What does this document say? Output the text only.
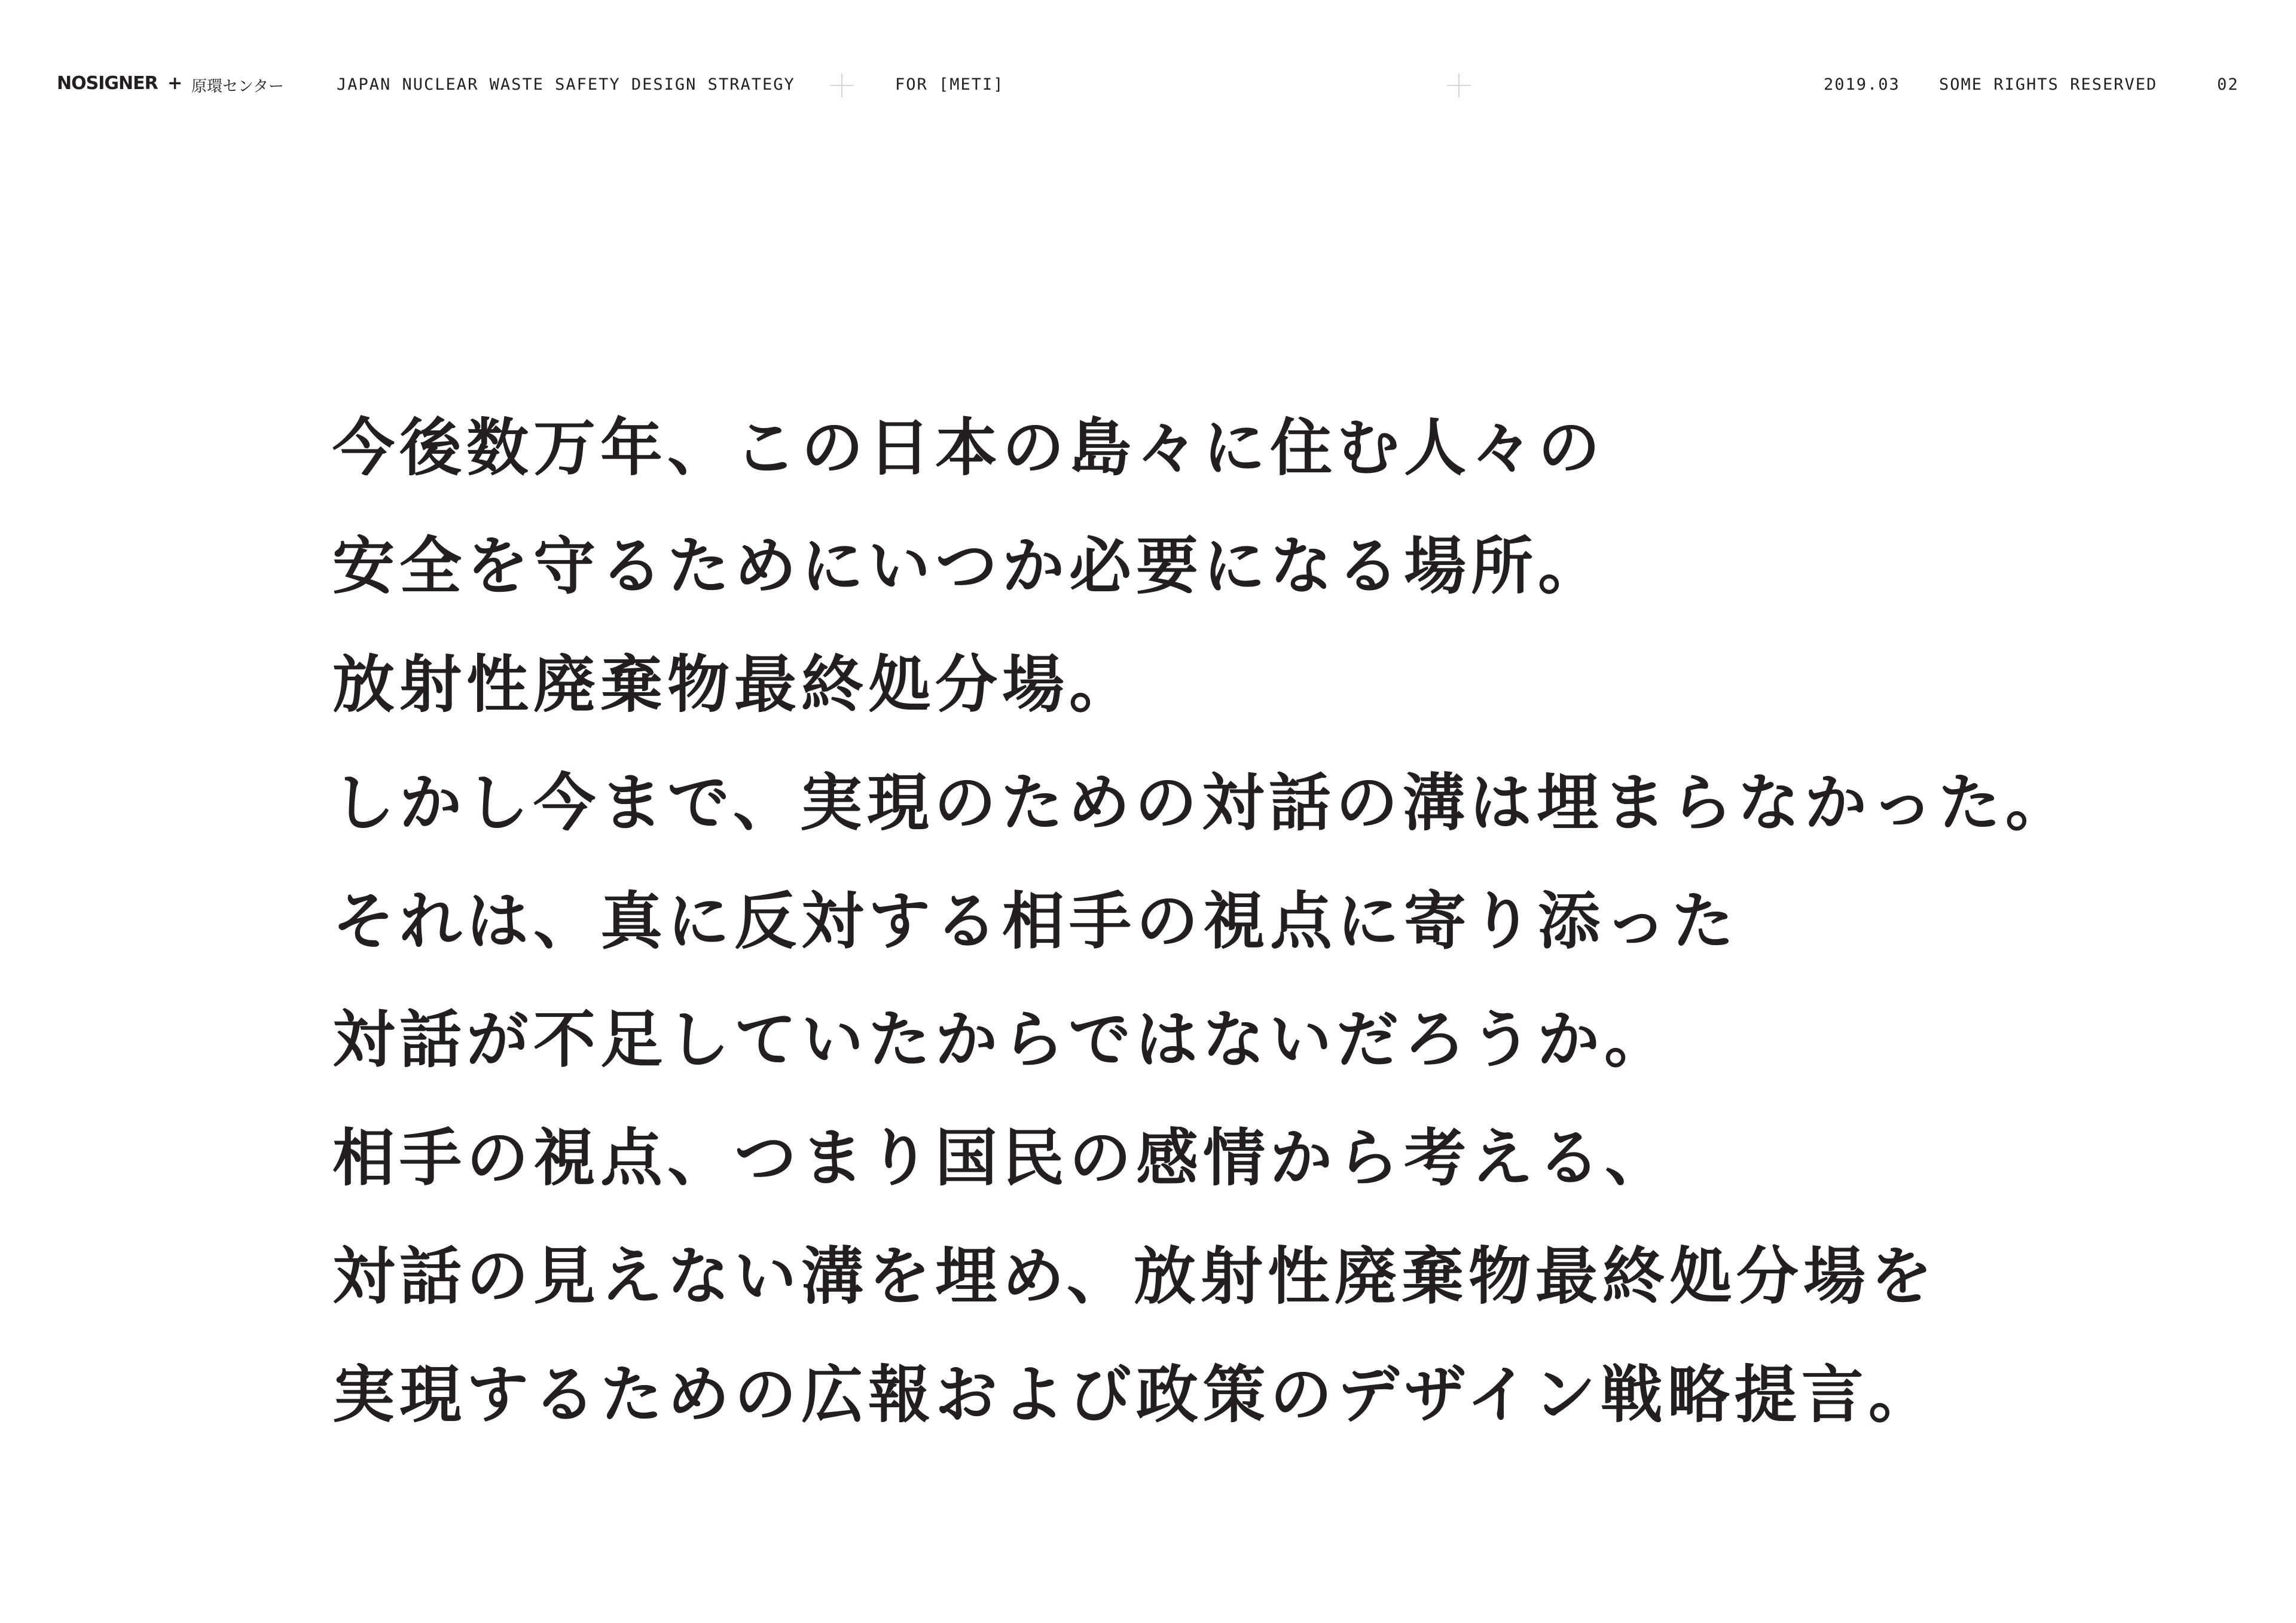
NOSIGNER + 原環センター	JAPAN NUCLEAR WASTE SAFETY DESIGN STRATEGY	FOR [METI]	2019.03 SOME RIGHTS RESERVED	02
今後数万年、この日本の島々に住む人々の
安全を守るためにいつか必要になる場所。
放射性廃棄物最終処分場。
しかし今まで、実現のための対話の溝は埋まらなかった。
それは、真に反対する相手の視点に寄り添った
対話が不足していたからではないだろうか。
相手の視点、つまり国民の感情から考える、
対話の見えない溝を埋め、放射性廃棄物最終処分場を
実現するための広報および政策のデザイン戦略提言。
